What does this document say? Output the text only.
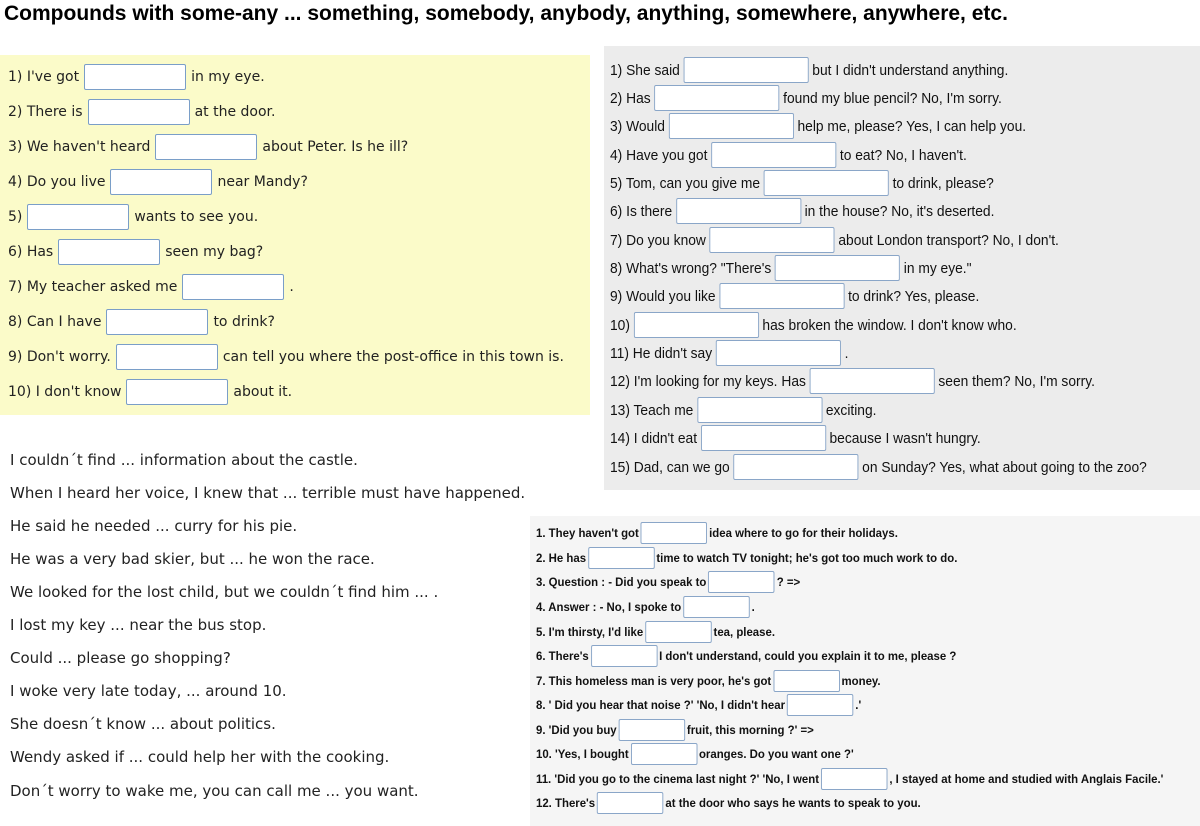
Compounds with some-any ... something, somebody, anybody, anything, somewhere, anywhere, etc.
1) I've got	in my eye.
2) There is	at the door.
3) We haven't heard	about Peter. Is he ill?
4) Do you live	near Mandy?
5)	wants to see you.
6) Has	seen my bag?
7) My teacher asked me	.
8) Can I have	to drink?
9) Don't worry.	can tell you where the post-office in this town is.
10) I don't know	about it.
1) She said	but I didn't understand anything.
2) Has	found my blue pencil? No, I'm sorry.
3) Would	help me, please? Yes, I can help you.
4) Have you got	to eat? No, I haven't.
5) Tom, can you give me	to drink, please?
6) Is there	in the house? No, it's deserted.
7) Do you know	about London transport? No, I don't.
8) What's wrong? "There's	in my eye."
9) Would you like	to drink? Yes, please.
10)	has broken the window. I don't know who.
11) He didn't say	.
12) I'm looking for my keys. Has	seen them? No, I'm sorry.
13) Teach me	exciting.
14) I didn't eat	because I wasn't hungry.
15) Dad, can we go	on Sunday? Yes, what about going to the zoo?
I couldn´t find ... information about the castle.
When I heard her voice, I knew that ... terrible must have happened.
He said he needed ... curry for his pie.
He was a very bad skier, but ... he won the race.
We looked for the lost child, but we couldn´t find him ... .
I lost my key ... near the bus stop.
Could ... please go shopping?
I woke very late today, ... around 10.
She doesn´t know ... about politics.
Wendy asked if ... could help her with the cooking.
Don´t worry to wake me, you can call me ... you want.
1. They haven't got	idea where to go for their holidays.
2. He has	time to watch TV tonight; he's got too much work to do.
3. Question : - Did you speak to	? =>
4. Answer : - No, I spoke to	.
5. I'm thirsty, I'd like	tea, please.
6. There's	I don't understand, could you explain it to me, please ?
7. This homeless man is very poor, he's got	money.
8. ' Did you hear that noise ?' 'No, I didn't hear	.'
9. 'Did you buy	fruit, this morning ?' =>
10. 'Yes, I bought	oranges. Do you want one ?'
11. 'Did you go to the cinema last night ?' 'No, I went	, I stayed at home and studied with Anglais Facile.'
12. There's	at the door who says he wants to speak to you.
